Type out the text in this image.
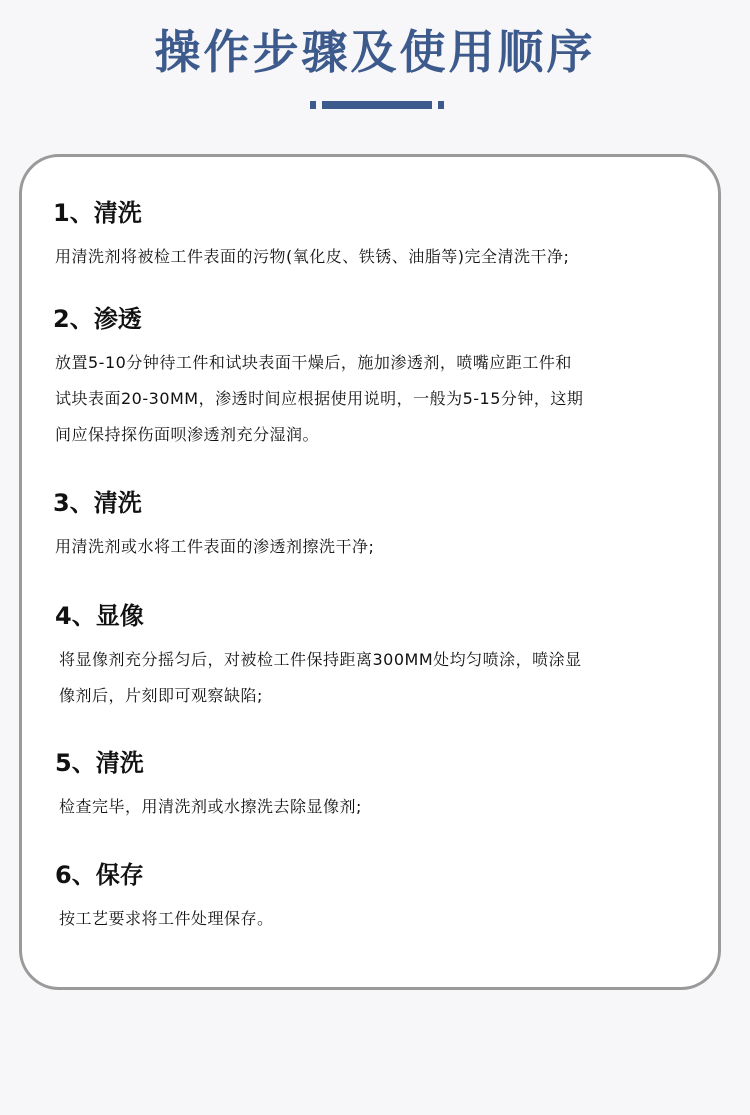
操作步骤及使用顺序
1、清洗
用清洗剂将被检工件表面的污物(氧化皮、铁锈、油脂等)完全清洗干净;
2、渗透
放置5-10分钟待工件和试块表面干燥后，施加渗透剂，喷嘴应距工件和
试块表面20-30MM，渗透时间应根据使用说明，一般为5-15分钟，这期
间应保持探伤面呗渗透剂充分湿润。
3、清洗
用清洗剂或水将工件表面的渗透剂擦洗干净;
4、显像
将显像剂充分摇匀后，对被检工件保持距离300MM处均匀喷涂，喷涂显
像剂后，片刻即可观察缺陷;
5、清洗
检查完毕，用清洗剂或水擦洗去除显像剂;
6、保存
按工艺要求将工件处理保存。
